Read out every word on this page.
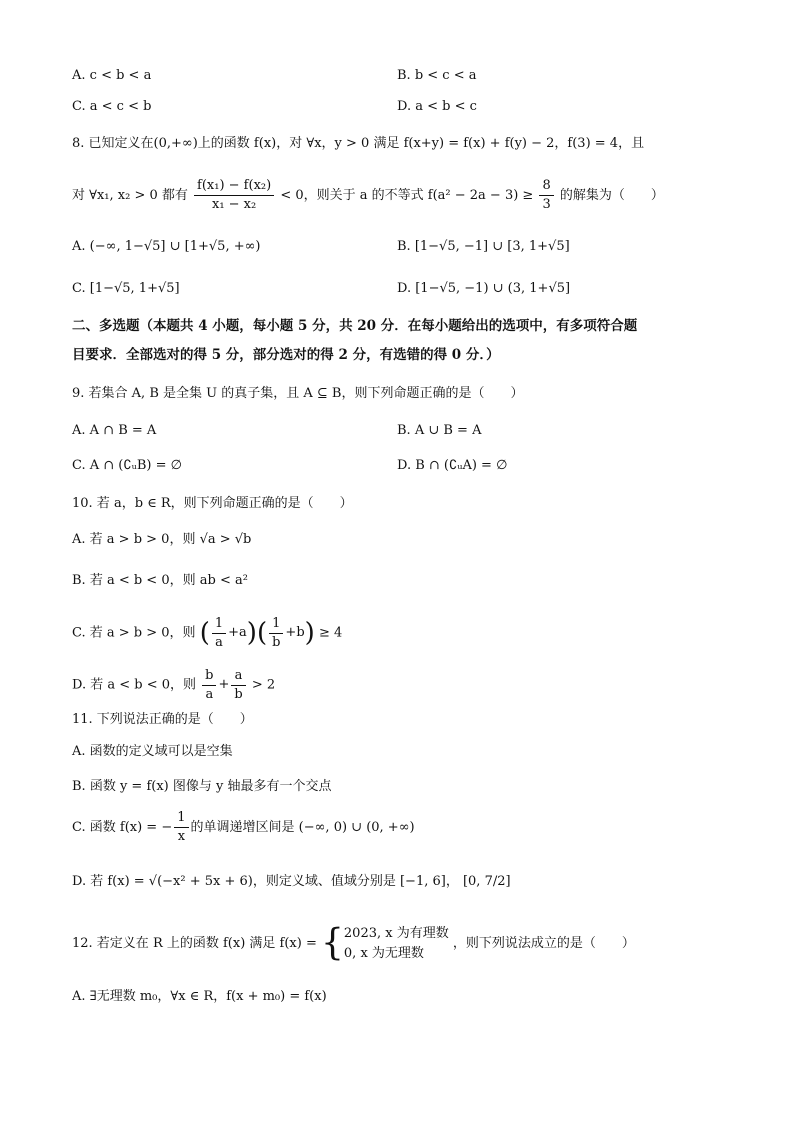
A. c < b < a	B. b < c < a
C. a < c < b	D. a < b < c
8. 已知定义在(0,+∞)上的函数 f(x)，对 ∀x，y > 0 满足 f(x+y) = f(x) + f(y) − 2，f(3) = 4，且
对 ∀x₁, x₂ > 0 都有 $\frac{\text{f(x₁) − f(x₂)}}{\text{x₁ − x₂}} < 0$，则关于 a 的不等式 $f(a^2 - 2a - 3) \ge \frac{8}{3}$ 的解集为（　　）
A. (−∞, 1−√5] ∪ [1+√5, +∞)	B. [1−√5, −1] ∪ [3, 1+√5]
C. [1−√5, 1+√5]	D. [1−√5, −1) ∪ (3, 1+√5]
二、多选题（本题共 4 小题，每小题 5 分，共 20 分．在每小题给出的选项中，有多项符合题
目要求．全部选对的得 5 分，部分选对的得 2 分，有选错的得 0 分．）
9. 若集合 A, B 是全集 U 的真子集，且 A ⊆ B，则下列命题正确的是（　　）
A. A ∩ B = A	B. A ∪ B = A
C. A ∩ (∁ᵤB) = ∅	D. B ∩ (∁ᵤA) = ∅
10. 若 a，b ∈ R，则下列命题正确的是（　　）
A. 若 a > b > 0，则 √a > √b
B. 若 a < b < 0，则 ab < a²
C. 若 a > b > 0，则 ( $\frac{1}{a} +a)( \frac{1}{b} +b) \ge 4$
D. 若 a < b < 0，则 $\frac{b}{a} + \frac{a}{b} > 2$
11. 下列说法正确的是（　　）
A. 函数的定义域可以是空集
B. 函数 y = f(x) 图像与 y 轴最多有一个交点
C. 函数 f(x) = − $\frac{1}{x}$ 的单调递增区间是 (−∞, 0) ∪ (0, +∞)
D. 若 f(x) = √(−x² + 5x + 6)，则定义域、值域分别是 [−1, 6]， [0, 7/2]
12. 若定义在 R 上的函数 f(x) 满足 f(x) = { 2023, x 为有理数
0, x 为无理数
，则下列说法成立的是（　　）
A. ∃无理数 m₀，∀x ∈ R，f(x + m₀) = f(x)
